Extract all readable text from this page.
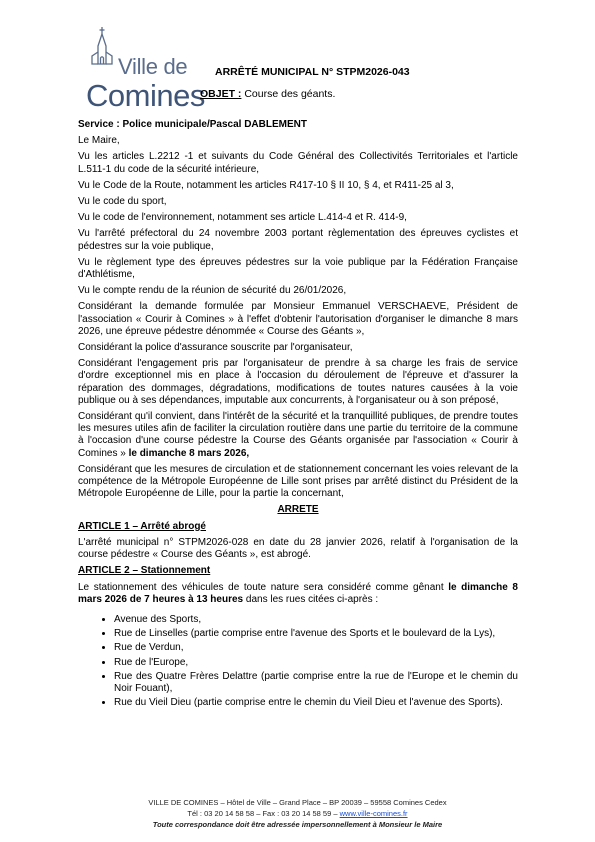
Ville de
Comines
ARRÊTÉ MUNICIPAL N° STPM2026-043
OBJET : Course des géants.

Service : Police municipale/Pascal DABLEMENT

Le Maire,

Vu les articles L.2212 -1 et suivants du Code Général des Collectivités Territoriales et l'article L.511-1 du code de la sécurité intérieure,

Vu le Code de la Route, notamment les articles R417-10 § II 10, § 4, et R411-25 al 3,

Vu le code du sport,

Vu le code de l'environnement, notamment ses article L.414-4 et R. 414-9,

Vu l'arrêté préfectoral du 24 novembre 2003 portant règlementation des épreuves cyclistes et pédestres sur la voie publique,

Vu le règlement type des épreuves pédestres sur la voie publique par la Fédération Française d'Athlétisme,

Vu le compte rendu de la réunion de sécurité du 26/01/2026,

Considérant la demande formulée par Monsieur Emmanuel VERSCHAEVE, Président de l'association « Courir à Comines » à l'effet d'obtenir l'autorisation d'organiser le dimanche 8 mars 2026, une épreuve pédestre dénommée « Course des Géants »,

Considérant la police d'assurance souscrite par l'organisateur,

Considérant l'engagement pris par l'organisateur de prendre à sa charge les frais de service d'ordre exceptionnel mis en place à l'occasion du déroulement de l'épreuve et d'assurer la réparation des dommages, dégradations, modifications de toutes natures causées à la voie publique ou à ses dépendances, imputable aux concurrents, à l'organisateur ou à son préposé,

Considérant qu'il convient, dans l'intérêt de la sécurité et la tranquillité publiques, de prendre toutes les mesures utiles afin de faciliter la circulation routière dans une partie du territoire de la commune à l'occasion d'une course pédestre la Course des Géants organisée par l'association « Courir à Comines » le dimanche 8 mars 2026,

Considérant que les mesures de circulation et de stationnement concernant les voies relevant de la compétence de la Métropole Européenne de Lille sont prises par arrêté distinct du Président de la Métropole Européenne de Lille, pour la partie la concernant,

ARRETE

ARTICLE 1 – Arrêté abrogé

L'arrêté municipal n° STPM2026-028 en date du 28 janvier 2026, relatif à l'organisation de la course pédestre « Course des Géants », est abrogé.

ARTICLE 2 – Stationnement

Le stationnement des véhicules de toute nature sera considéré comme gênant le dimanche 8 mars 2026 de 7 heures à 13 heures dans les rues citées ci-après :

• Avenue des Sports,
• Rue de Linselles (partie comprise entre l'avenue des Sports et le boulevard de la Lys),
• Rue de Verdun,
• Rue de l'Europe,
• Rue des Quatre Frères Delattre (partie comprise entre la rue de l'Europe et le chemin du Noir Fouant),
• Rue du Vieil Dieu (partie comprise entre le chemin du Vieil Dieu et l'avenue des Sports).
VILLE DE COMINES – Hôtel de Ville – Grand Place – BP 20039 – 59558 Comines Cedex
Tél : 03 20 14 58 58 – Fax : 03 20 14 58 59 – www.ville-comines.fr
Toute correspondance doit être adressée impersonnellement à Monsieur le Maire
